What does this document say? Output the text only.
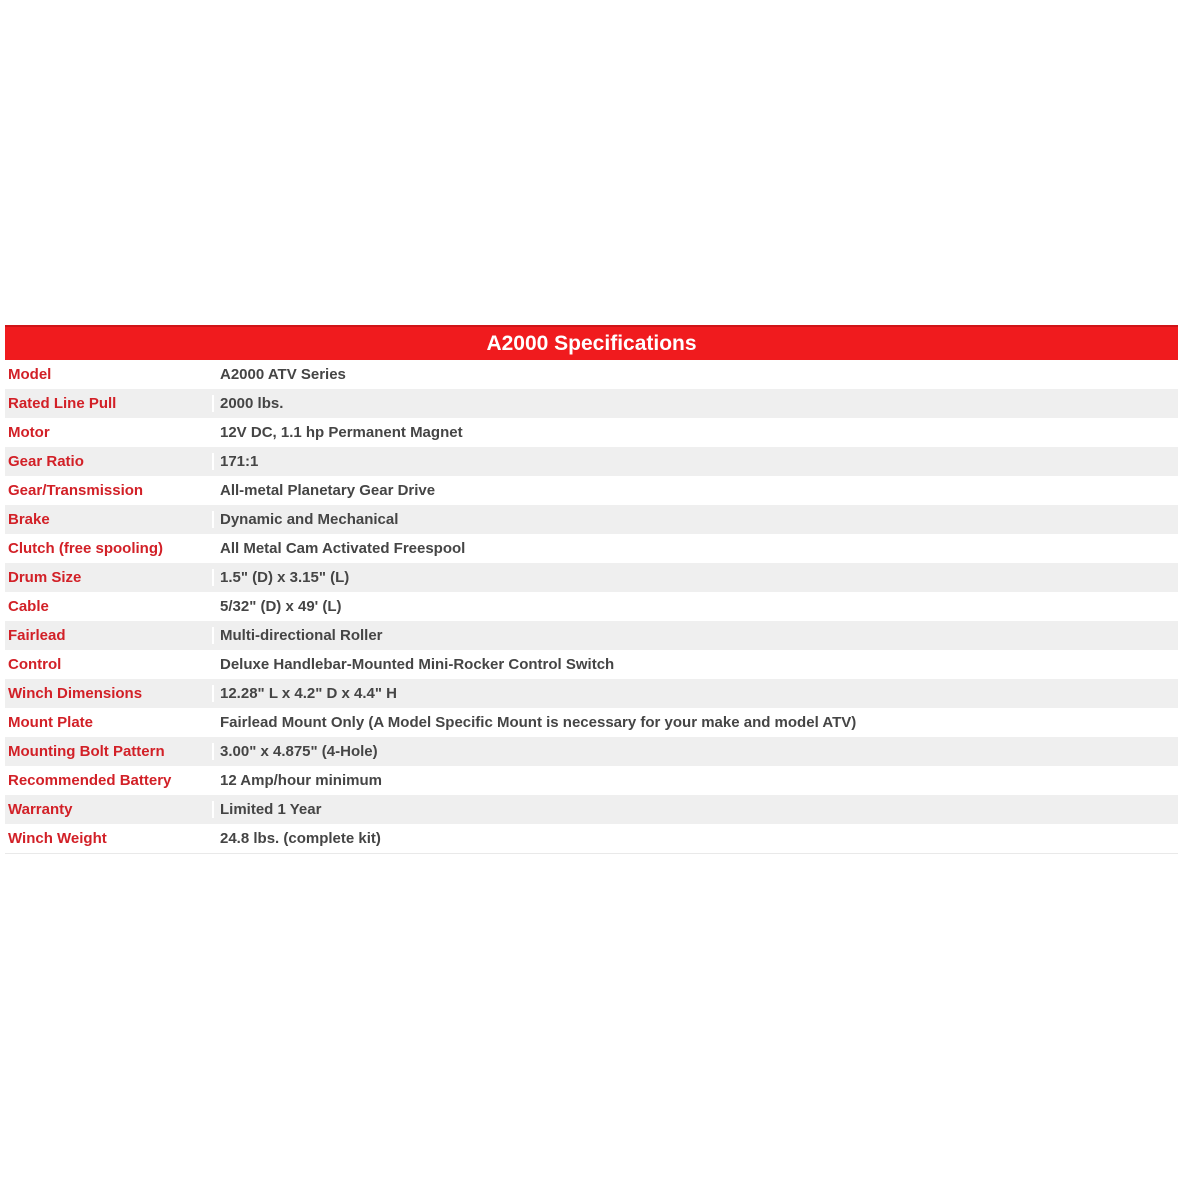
A2000 Specifications
Model	A2000 ATV Series
Rated Line Pull	2000 lbs.
Motor	12V DC, 1.1 hp Permanent Magnet
Gear Ratio	171:1
Gear/Transmission	All-metal Planetary Gear Drive
Brake	Dynamic and Mechanical
Clutch (free spooling)	All Metal Cam Activated Freespool
Drum Size	1.5" (D) x 3.15" (L)
Cable	5/32" (D) x 49' (L)
Fairlead	Multi-directional Roller
Control	Deluxe Handlebar-Mounted Mini-Rocker Control Switch
Winch Dimensions	12.28" L x 4.2" D x 4.4" H
Mount Plate	Fairlead Mount Only (A Model Specific Mount is necessary for your make and model ATV)
Mounting Bolt Pattern	3.00" x 4.875" (4-Hole)
Recommended Battery	12 Amp/hour minimum
Warranty	Limited 1 Year
Winch Weight	24.8 lbs. (complete kit)
